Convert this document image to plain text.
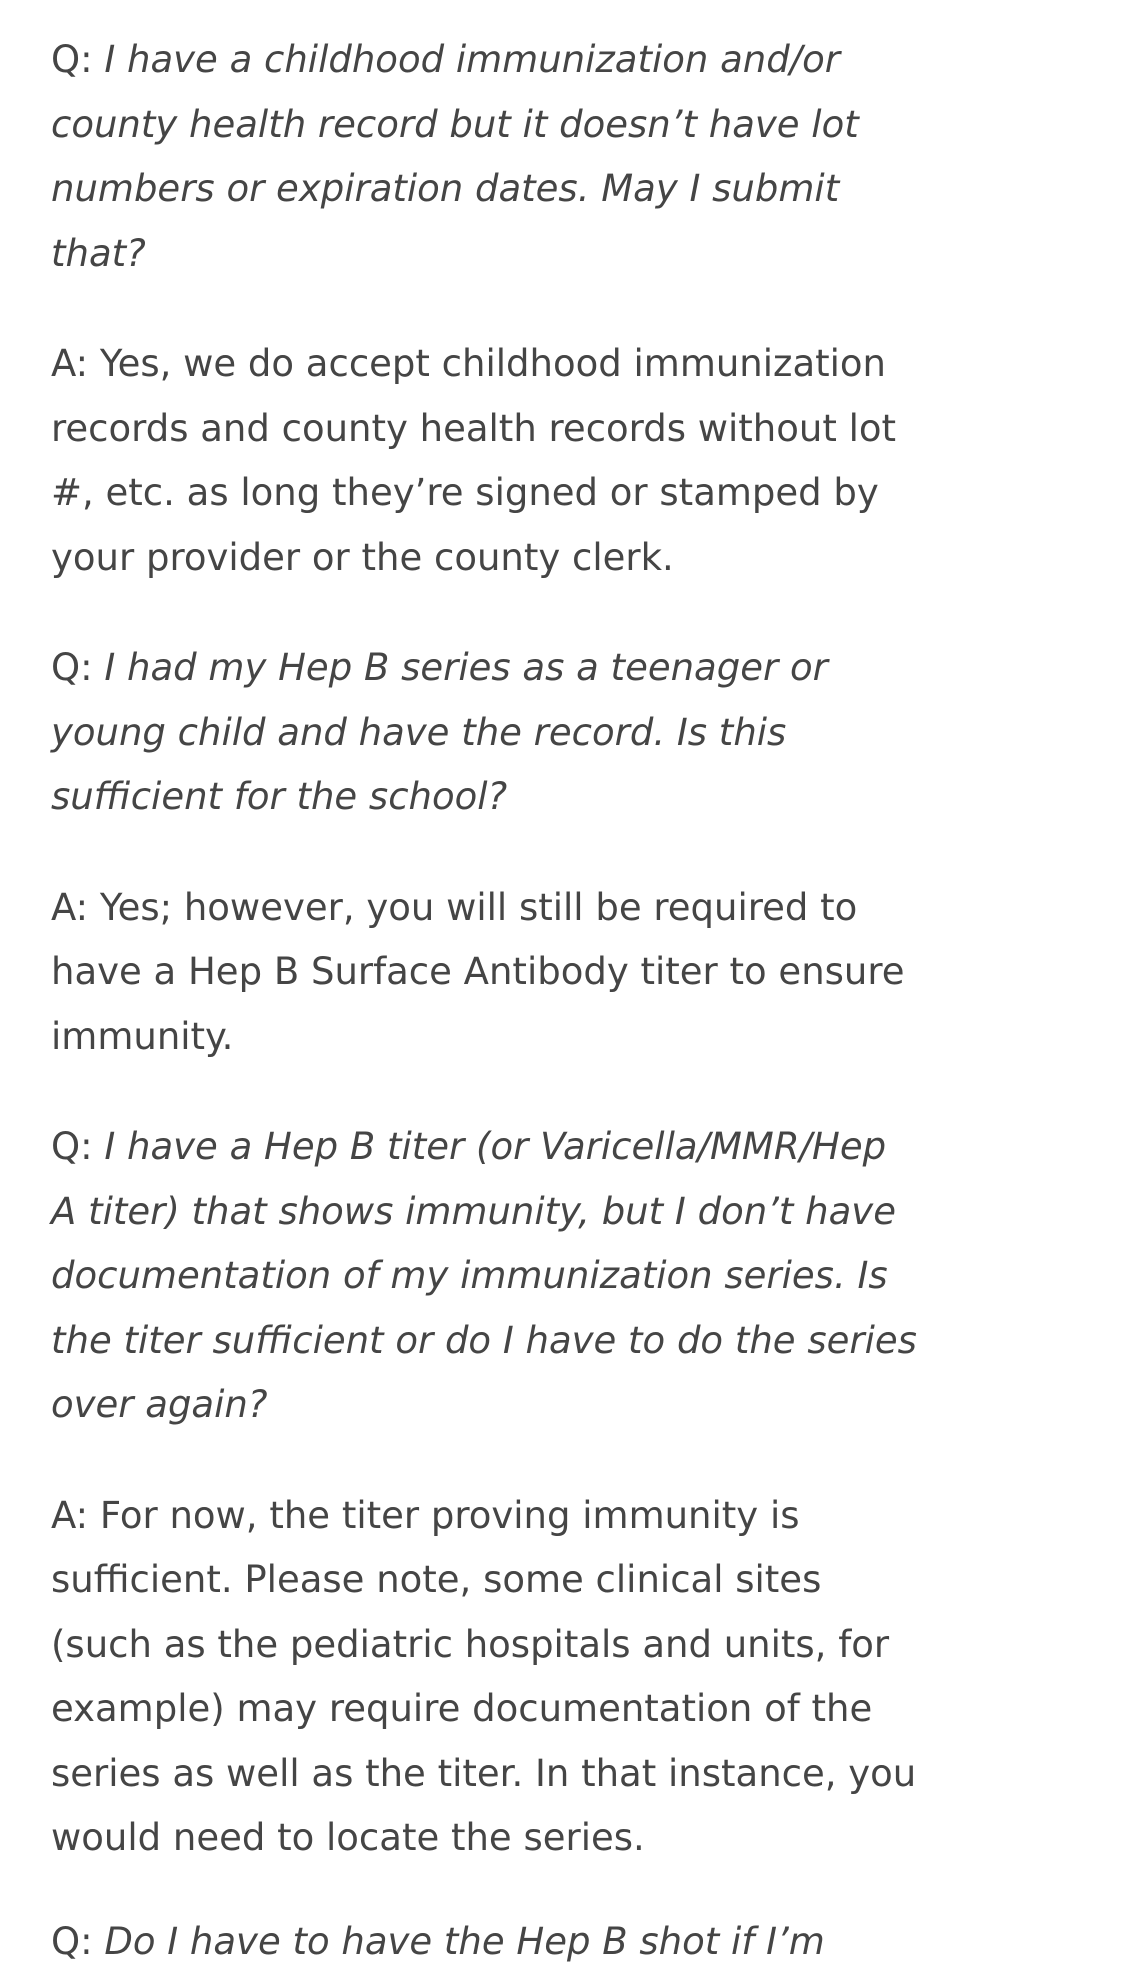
Q: I have a childhood immunization and/or county health record but it doesn’t have lot numbers or expiration dates. May I submit that?

A: Yes, we do accept childhood immunization records and county health records without lot #, etc. as long they’re signed or stamped by your provider or the county clerk.

Q: I had my Hep B series as a teenager or young child and have the record. Is this sufficient for the school?

A: Yes; however, you will still be required to have a Hep B Surface Antibody titer to ensure immunity.

Q: I have a Hep B titer (or Varicella/MMR/Hep A titer) that shows immunity, but I don’t have documentation of my immunization series. Is the titer sufficient or do I have to do the series over again?

A: For now, the titer proving immunity is sufficient. Please note, some clinical sites (such as the pediatric hospitals and units, for example) may require documentation of the series as well as the titer. In that instance, you would need to locate the series.

Q: Do I have to have the Hep B shot if I’m
